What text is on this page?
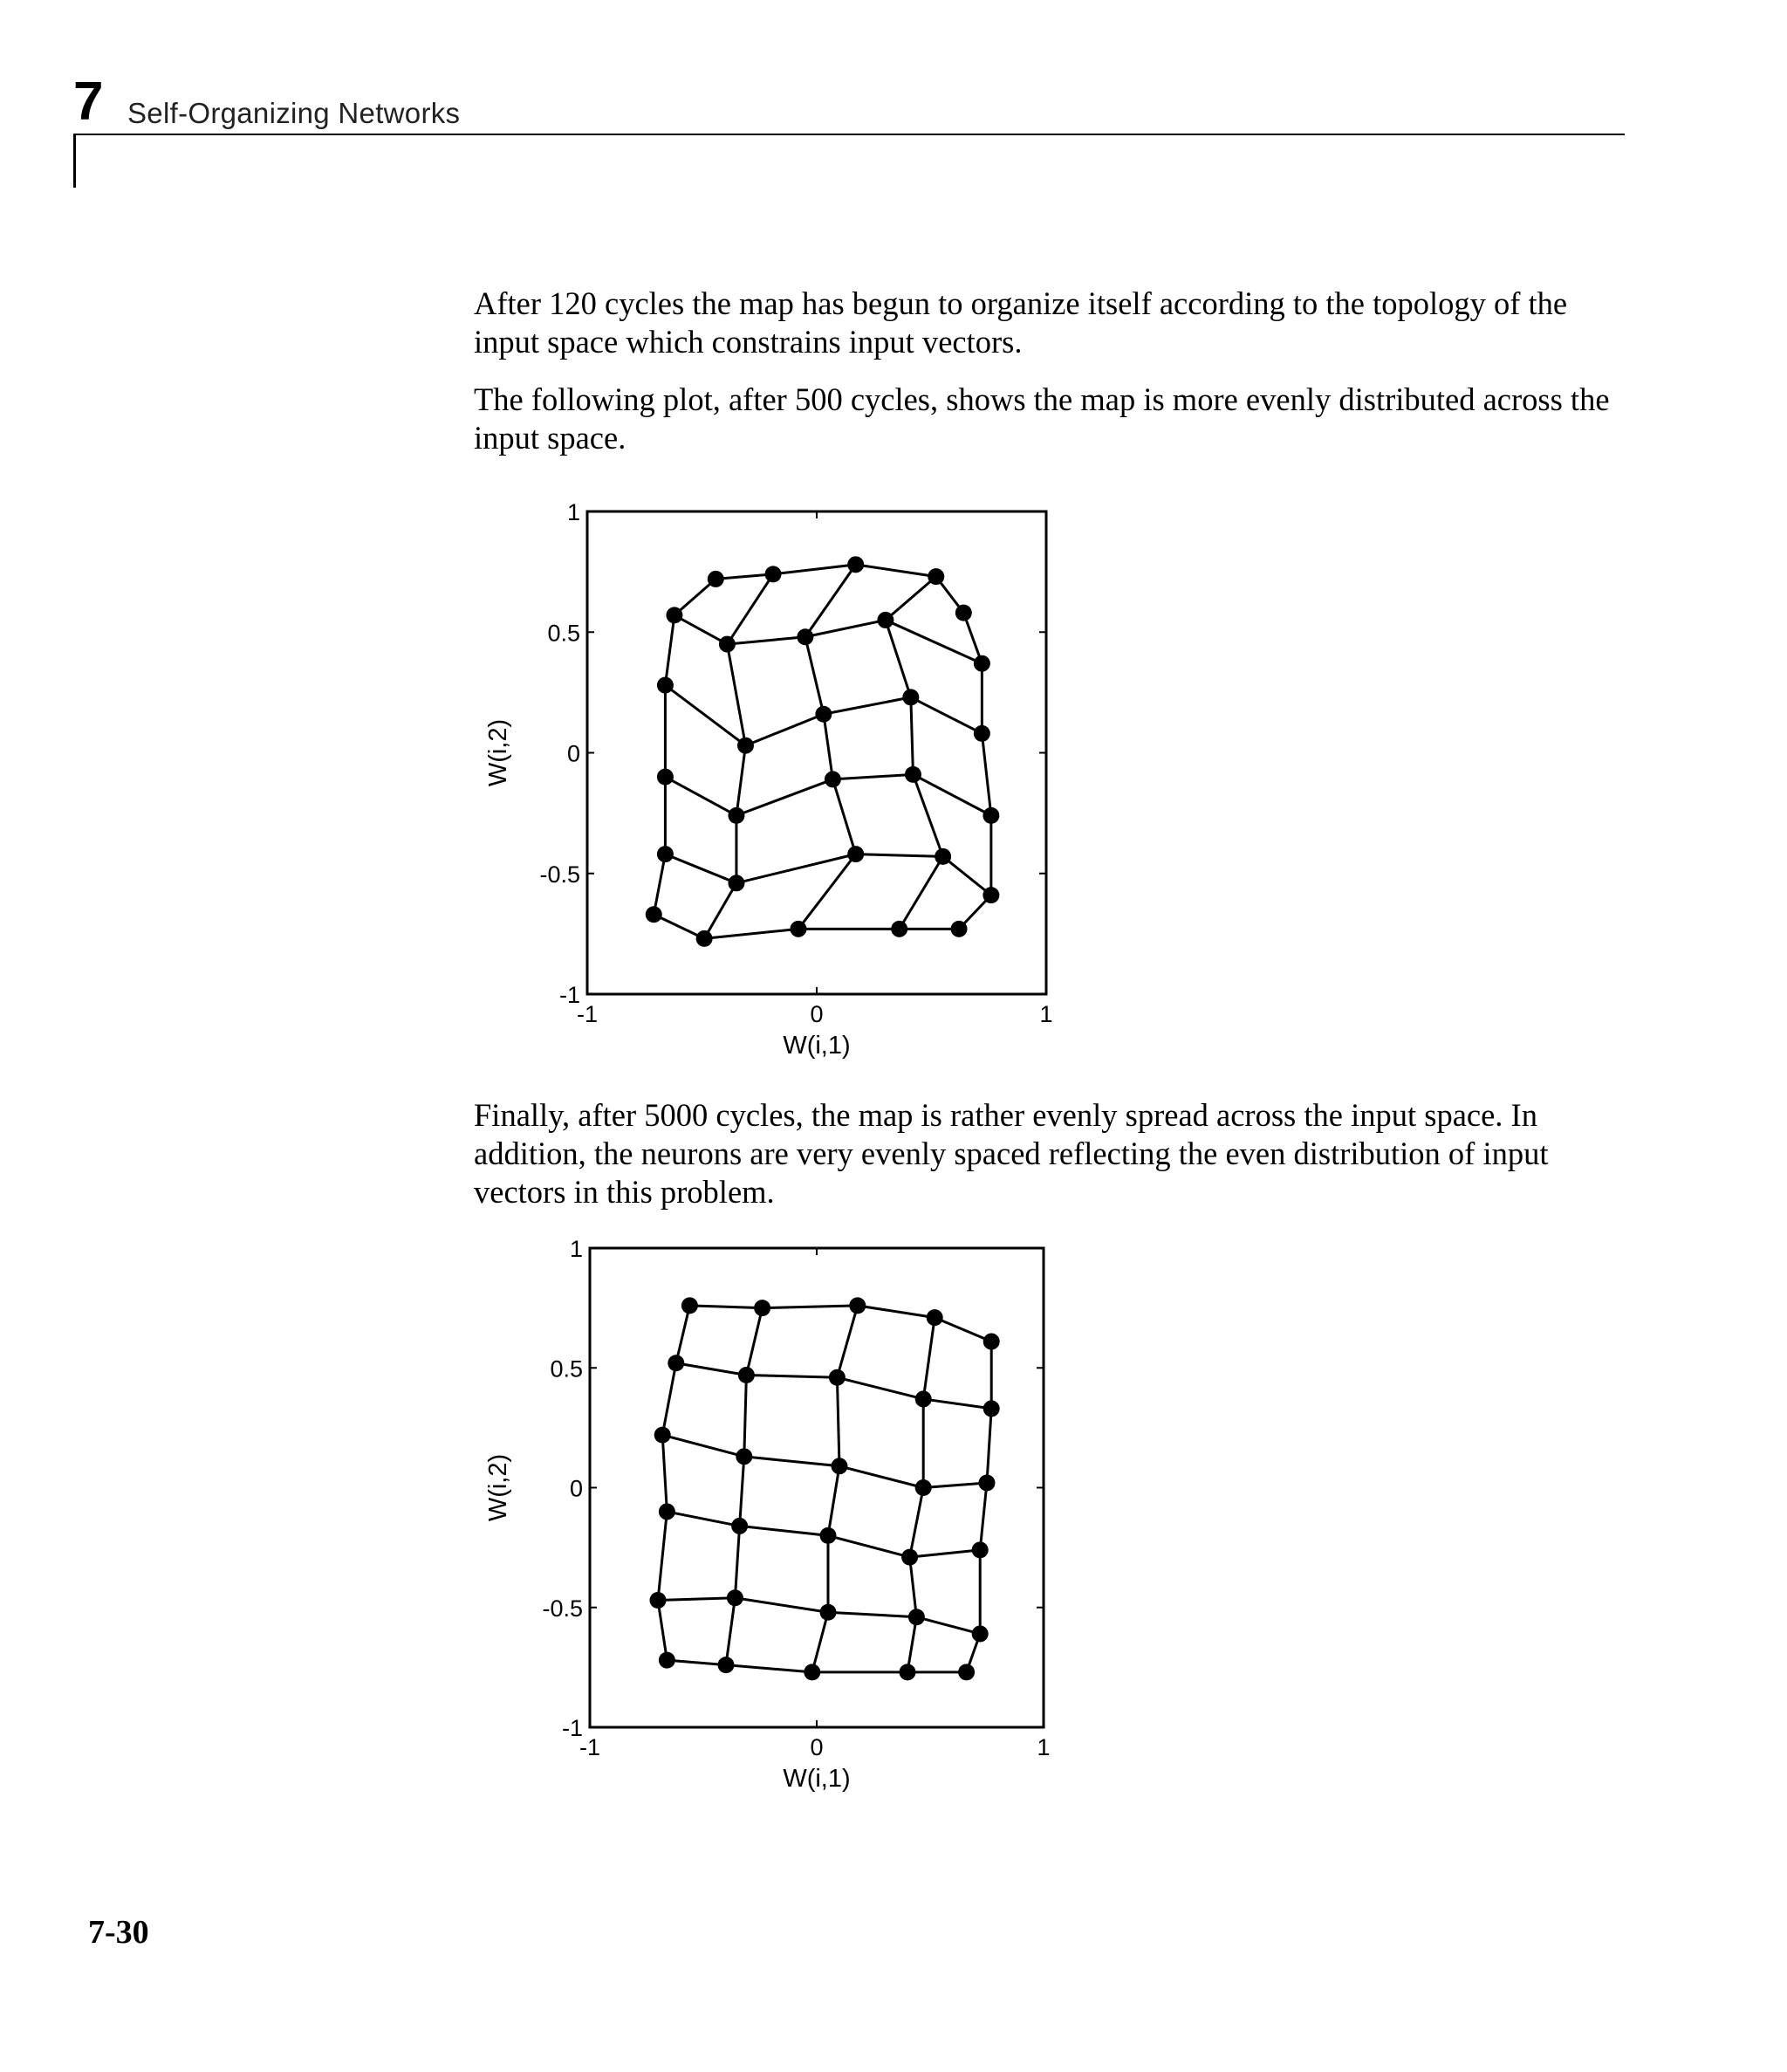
7 Self-Organizing Networks

After 120 cycles the map has begun to organize itself according to the topology of the input space which constrains input vectors.

The following plot, after 500 cycles, shows the map is more evenly distributed across the input space.

-1	0	1
-1
-0.5
0
0.5
1
W(i,1)
W(i,2)

Finally, after 5000 cycles, the map is rather evenly spread across the input space. In addition, the neurons are very evenly spaced reflecting the even distribution of input vectors in this problem.

-1	0	1
-1
-0.5
0
0.5
1
W(i,1)
W(i,2)
7-30
